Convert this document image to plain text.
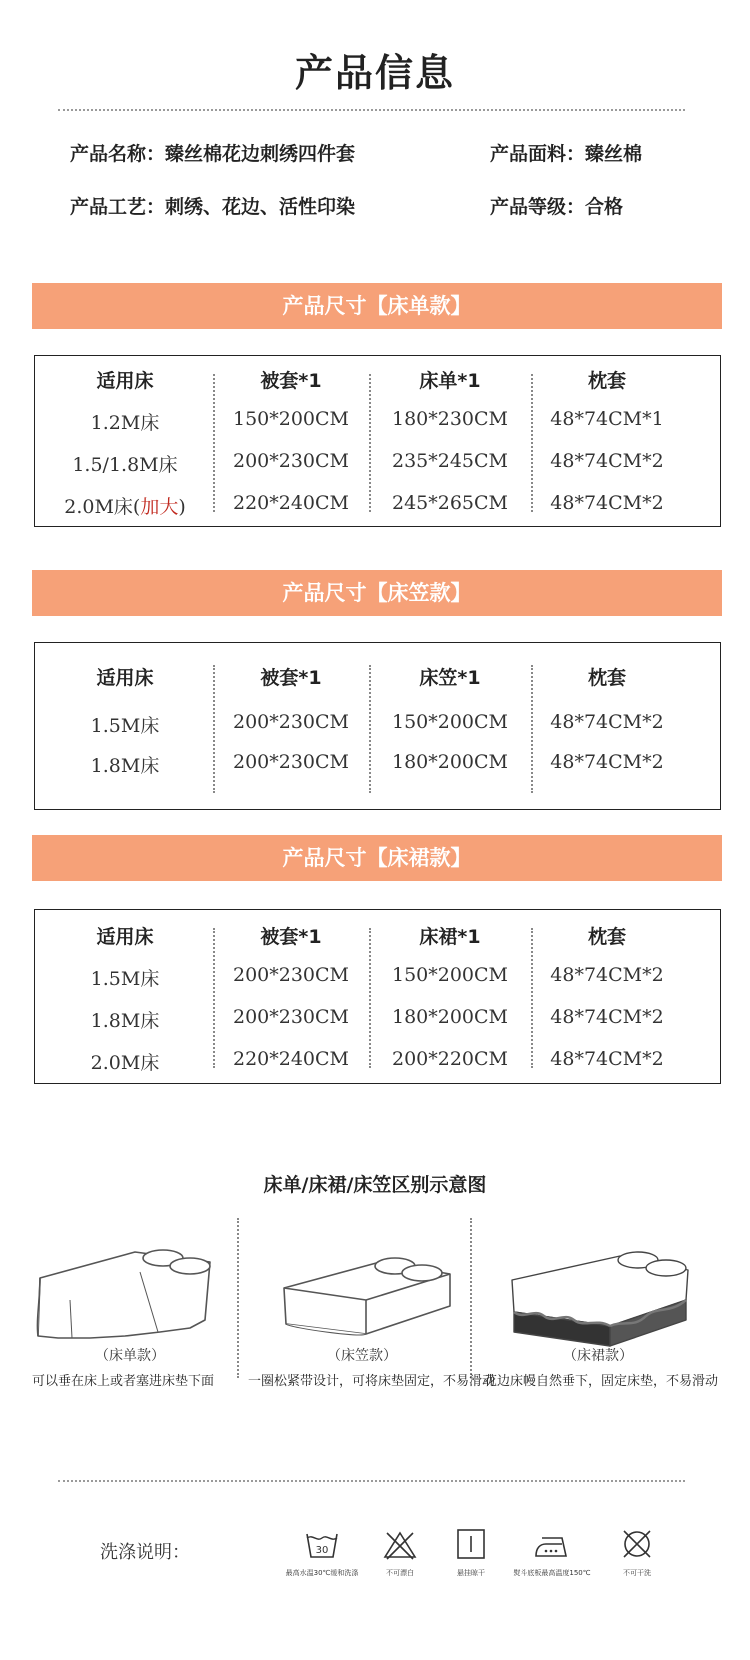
产品信息
产品名称：臻丝棉花边刺绣四件套	产品面料：臻丝棉
产品工艺：刺绣、花边、活性印染	产品等级：合格
产品尺寸【床单款】
适用床	被套*1	床单*1	枕套
1.2M床	150*200CM	180*230CM	48*74CM*1
1.5/1.8M床	200*230CM	235*245CM	48*74CM*2
2.0M床(加大)	220*240CM	245*265CM	48*74CM*2
产品尺寸【床笠款】
适用床	被套*1	床笠*1	枕套
1.5M床	200*230CM	150*200CM	48*74CM*2
1.8M床	200*230CM	180*200CM	48*74CM*2
产品尺寸【床裙款】
适用床	被套*1	床裙*1	枕套
1.5M床	200*230CM	150*200CM	48*74CM*2
1.8M床	200*230CM	180*200CM	48*74CM*2
2.0M床	220*240CM	200*220CM	48*74CM*2
床单/床裙/床笠区别示意图
（床单款）	（床笠款）	（床裙款）
可以垂在床上或者塞进床垫下面	一圈松紧带设计，可将床垫固定，不易滑动
花边床幔自然垂下，固定床垫，不易滑动
洗涤说明：	30
最高水温30℃缓和洗涤	不可漂白	悬挂晾干	熨斗底板最高温度150℃	不可干洗
